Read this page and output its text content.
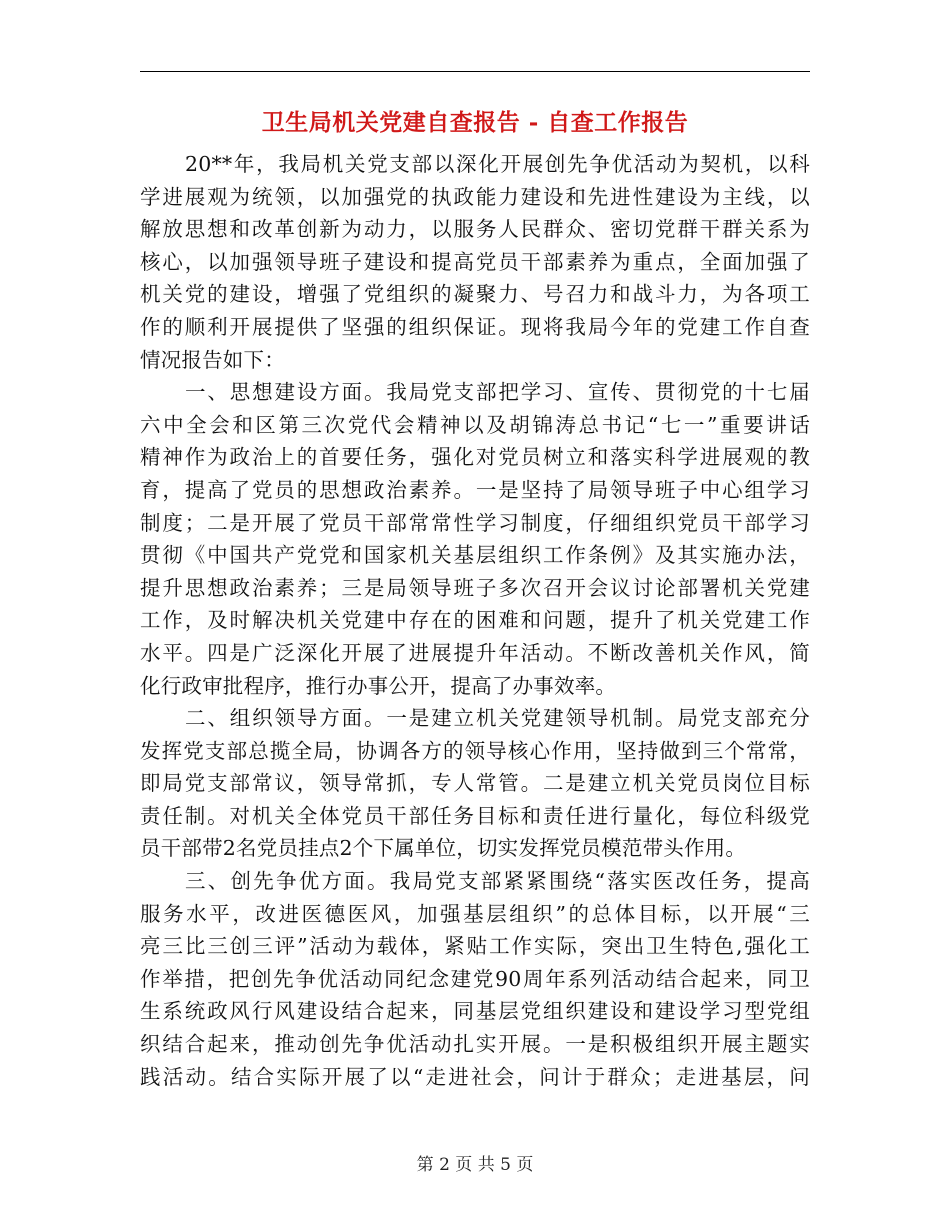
卫生局机关党建自查报告 - 自查工作报告
20**年，我局机关党支部以深化开展创先争优活动为契机，以科
学进展观为统领，以加强党的执政能力建设和先进性建设为主线，以
解放思想和改革创新为动力，以服务人民群众、密切党群干群关系为
核心，以加强领导班子建设和提高党员干部素养为重点，全面加强了
机关党的建设，增强了党组织的凝聚力、号召力和战斗力，为各项工
作的顺利开展提供了坚强的组织保证。现将我局今年的党建工作自查
情况报告如下：
一、思想建设方面。我局党支部把学习、宣传、贯彻党的十七届
六中全会和区第三次党代会精神以及胡锦涛总书记“七一”重要讲话
精神作为政治上的首要任务，强化对党员树立和落实科学进展观的教
育，提高了党员的思想政治素养。一是坚持了局领导班子中心组学习
制度；二是开展了党员干部常常性学习制度，仔细组织党员干部学习
贯彻《中国共产党党和国家机关基层组织工作条例》及其实施办法，
提升思想政治素养；三是局领导班子多次召开会议讨论部署机关党建
工作，及时解决机关党建中存在的困难和问题，提升了机关党建工作
水平。四是广泛深化开展了进展提升年活动。不断改善机关作风，简
化行政审批程序，推行办事公开，提高了办事效率。
二、组织领导方面。一是建立机关党建领导机制。局党支部充分
发挥党支部总揽全局，协调各方的领导核心作用，坚持做到三个常常，
即局党支部常议，领导常抓，专人常管。二是建立机关党员岗位目标
责任制。对机关全体党员干部任务目标和责任进行量化，每位科级党
员干部带2名党员挂点2个下属单位，切实发挥党员模范带头作用。
三、创先争优方面。我局党支部紧紧围绕“落实医改任务，提高
服务水平，改进医德医风，加强基层组织”的总体目标，以开展“三
亮三比三创三评”活动为载体，紧贴工作实际，突出卫生特色,强化工
作举措，把创先争优活动同纪念建党90周年系列活动结合起来，同卫
生系统政风行风建设结合起来，同基层党组织建设和建设学习型党组
织结合起来，推动创先争优活动扎实开展。一是积极组织开展主题实
践活动。结合实际开展了以“走进社会，问计于群众；走进基层，问
第 2 页 共 5 页
